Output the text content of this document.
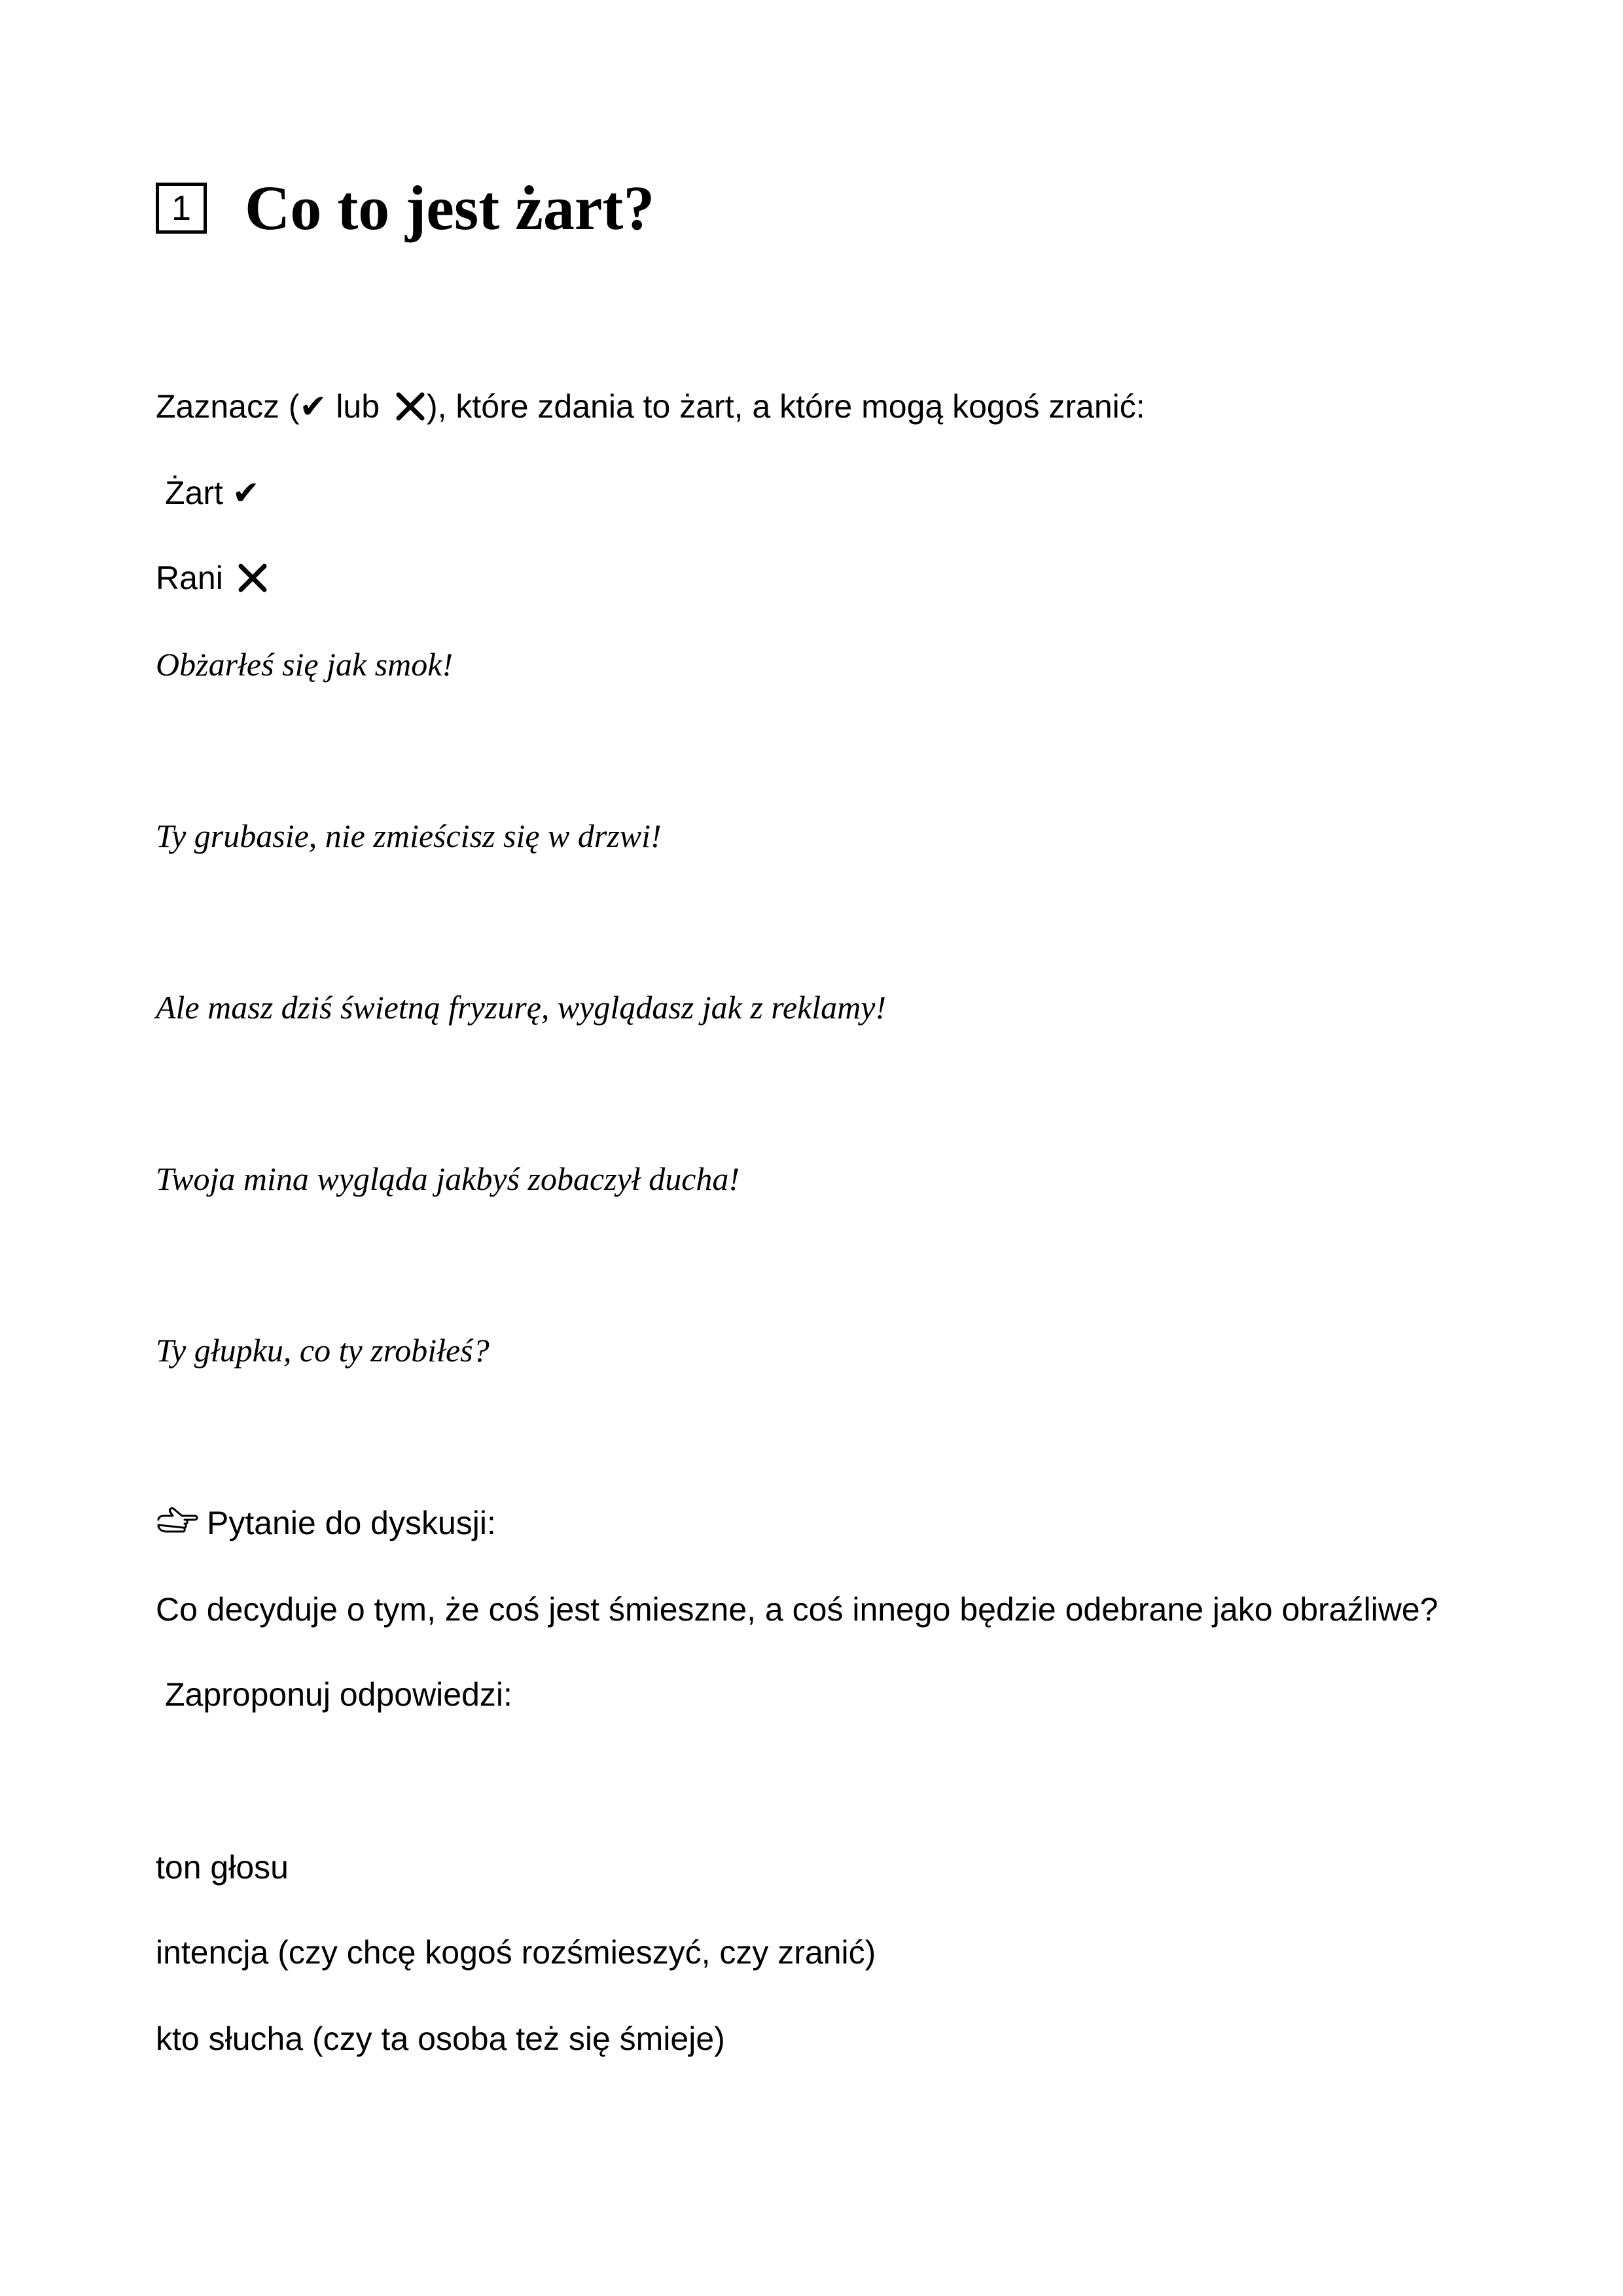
1 Co to jest żart?
Zaznacz (✔ lub ), które zdania to żart, a które mogą kogoś zranić:
Żart ✔
Rani
Obżarłeś się jak smok!
Ty grubasie, nie zmieścisz się w drzwi!
Ale masz dziś świetną fryzurę, wyglądasz jak z reklamy!
Twoja mina wygląda jakbyś zobaczył ducha!
Ty głupku, co ty zrobiłeś?
Pytanie do dyskusji:
Co decyduje o tym, że coś jest śmieszne, a coś innego będzie odebrane jako obraźliwe?
Zaproponuj odpowiedzi:
ton głosu
intencja (czy chcę kogoś rozśmieszyć, czy zranić)
kto słucha (czy ta osoba też się śmieje)
